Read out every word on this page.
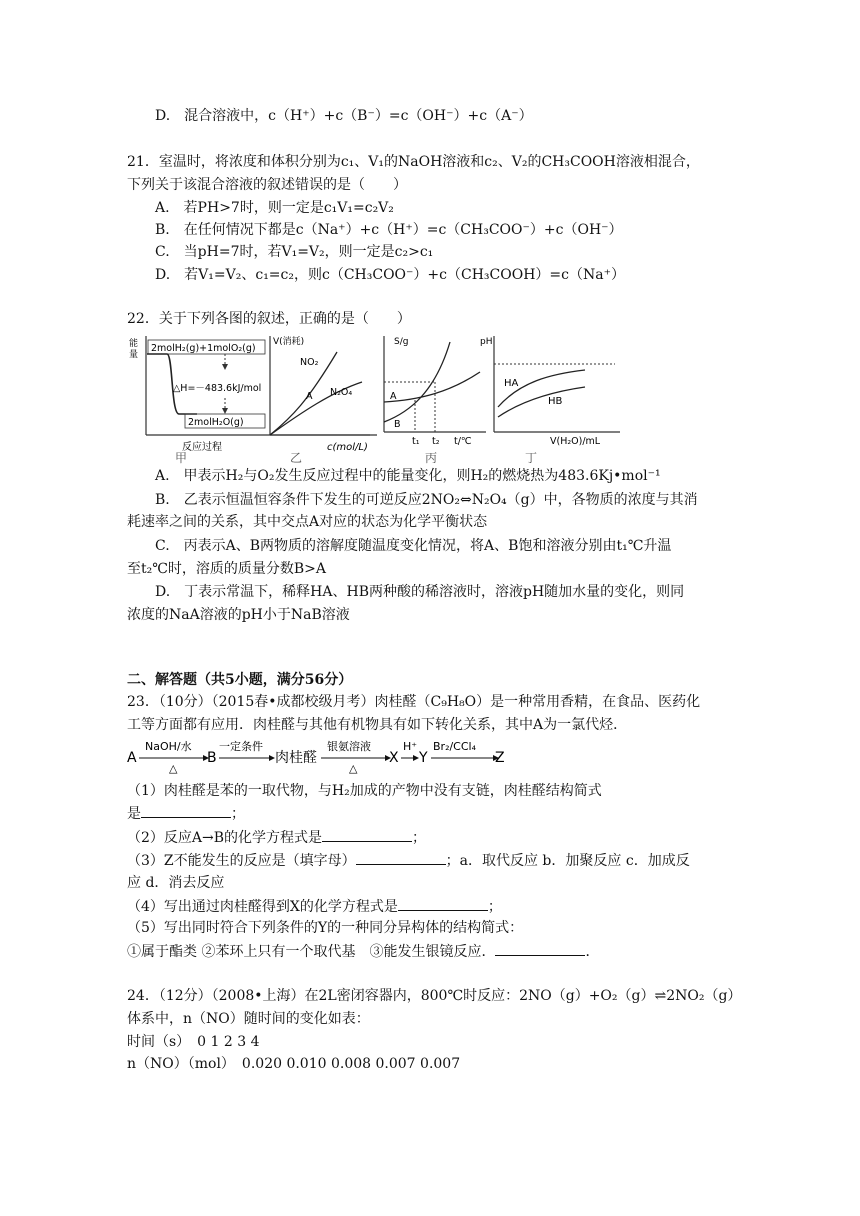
D.　混合溶液中，c（H⁺）+c（B⁻）=c（OH⁻）+c（A⁻）
21．室温时，将浓度和体积分别为c₁、V₁的NaOH溶液和c₂、V₂的CH₃COOH溶液相混合，
下列关于该混合溶液的叙述错误的是（　　）
A.　若PH>7时，则一定是c₁V₁=c₂V₂
B.　在任何情况下都是c（Na⁺）+c（H⁺）=c（CH₃COO⁻）+c（OH⁻）
C.　当pH=7时，若V₁=V₂，则一定是c₂>c₁
D.　若V₁=V₂、c₁=c₂，则c（CH₃COO⁻）+c（CH₃COOH）=c（Na⁺）
22．关于下列各图的叙述，正确的是（　　）
能
量
2molH₂(g)+1molO₂(g)
△H=－483.6kJ/mol
2molH₂O(g)
反应过程
甲
V(消耗)
NO₂
A N₂O₄
c(mol/L)
乙
S/g
A
B
t₁ t₂ t/℃
丙
pH
HA
HB
V(H₂O)/mL
丁
A.　甲表示H₂与O₂发生反应过程中的能量变化，则H₂的燃烧热为483.6Kj•mol⁻¹
B.　乙表示恒温恒容条件下发生的可逆反应2NO₂⇔N₂O₄（g）中，各物质的浓度与其消
耗速率之间的关系，其中交点A对应的状态为化学平衡状态
C.　丙表示A、B两物质的溶解度随温度变化情况，将A、B饱和溶液分别由t₁℃升温
至t₂℃时，溶质的质量分数B>A
D.　丁表示常温下，稀释HA、HB两种酸的稀溶液时，溶液pH随加水量的变化，则同
浓度的NaA溶液的pH小于NaB溶液
二、解答题（共5小题，满分56分）
23．（10分）（2015春•成都校级月考）肉桂醛（C₉H₈O）是一种常用香精，在食品、医药化
工等方面都有应用．肉桂醛与其他有机物具有如下转化关系，其中A为一氯代烃．
A
NaOH/水
△
B
一定条件
肉桂醛
银氨溶液
△
X
H⁺
Y
Br₂/CCl₄
Z
（1）肉桂醛是苯的一取代物，与H₂加成的产物中没有支链，肉桂醛结构简式
是	；
（2）反应A→B的化学方程式是	；
（3）Z不能发生的反应是（填字母）	；a．取代反应 b．加聚反应 c．加成反
应 d．消去反应
（4）写出通过肉桂醛得到X的化学方程式是	；
（5）写出同时符合下列条件的Y的一种同分异构体的结构简式：
①属于酯类 ②苯环上只有一个取代基　③能发生银镜反应．	．
24．（12分）（2008•上海）在2L密闭容器内，800℃时反应：2NO（g）+O₂（g）⇌2NO₂（g）
体系中，n（NO）随时间的变化如表：
时间（s）　0 1 2 3 4
n（NO）（mol）　0.020 0.010 0.008 0.007 0.007
